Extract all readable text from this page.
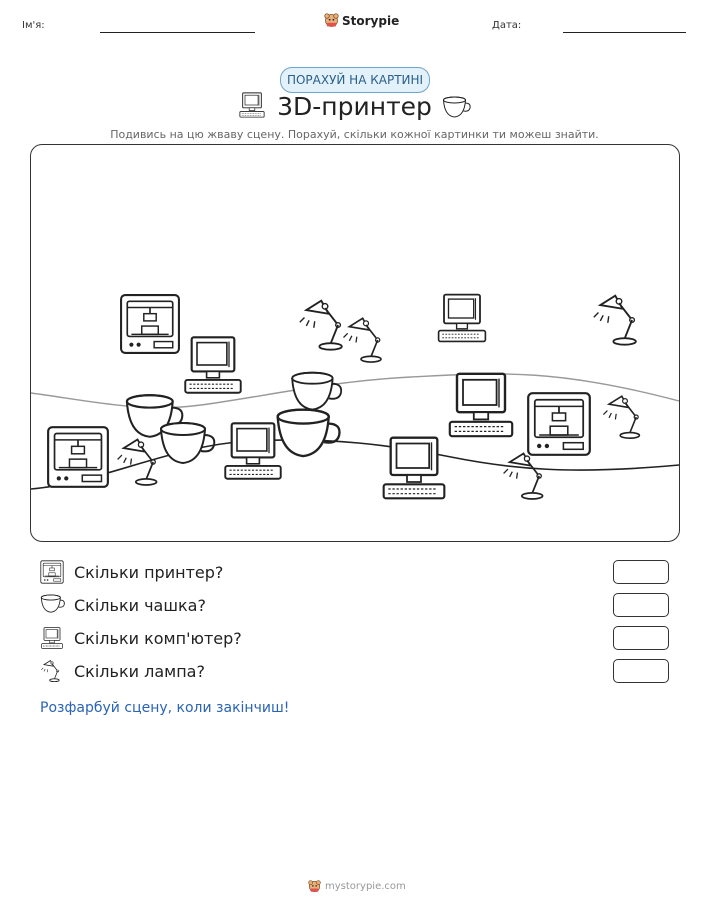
Ім'я:	Storypie	Дата:
ПОРАХУЙ НА КАРТИНІ
3D-принтер
Подивись на цю жваву сцену. Порахуй, скільки кожної картинки ти можеш знайти.
Скільки принтер?
Скільки чашка?
Скільки комп'ютер?
Скільки лампа?
Розфарбуй сцену, коли закінчиш!
mystorypie.com
